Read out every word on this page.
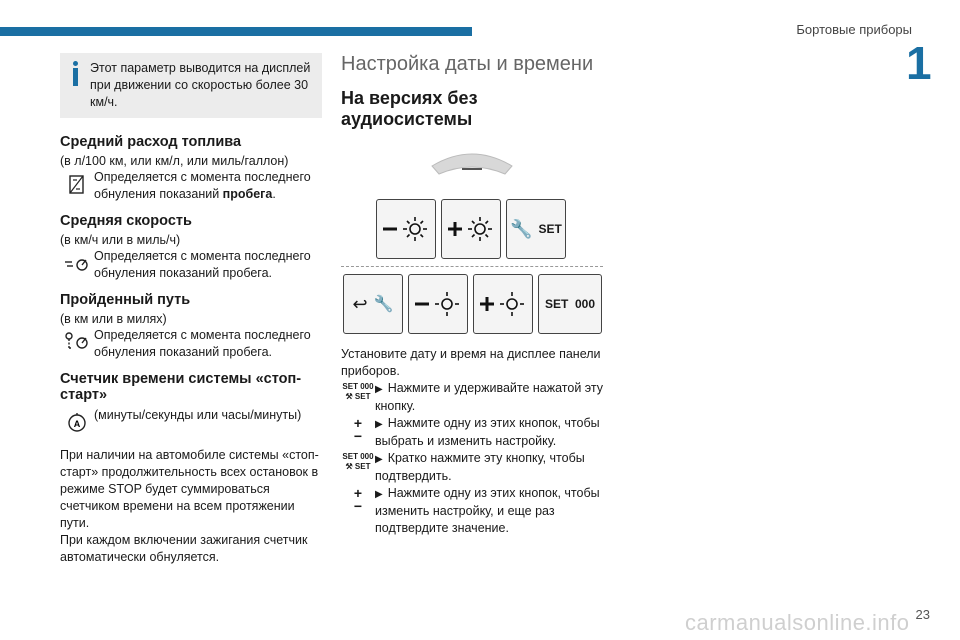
Бортовые приборы
1
Этот параметр выводится на дисплей при движении со скоростью более 30 км/ч.
Средний расход топлива
(в л/100 км, или км/л, или миль/галлон)
Определяется с момента последнего обнуления показаний пробега.
Средняя скорость
(в км/ч или в миль/ч)
Определяется с момента последнего обнуления показаний пробега.
Пройденный путь
(в км или в милях)
Определяется с момента последнего обнуления показаний пробега.
Счетчик времени системы «стоп-старт»
A
(минуты/секунды или часы/минуты)
При наличии на автомобиле системы «стоп-старт» продолжительность всех остановок в режиме STOP будет суммироваться счетчиком времени на всем протяжении пути.
При каждом включении зажигания счетчик автоматически обнуляется.
Настройка даты и времени
На версиях без аудиосистемы
🔧 SET
↩ 🔧	SET  000
Установите дату и время на дисплее панели приборов.
SET 000
⚒ SET
▶ Нажмите и удерживайте нажатой эту кнопку.
+
−
▶ Нажмите одну из этих кнопок, чтобы выбрать и изменить настройку.
SET 000
⚒ SET
▶ Кратко нажмите эту кнопку, чтобы подтвердить.
+
−
▶ Нажмите одну из этих кнопок, чтобы изменить настройку, и еще раз подтвердите значение.
23
carmanualsonline.info
